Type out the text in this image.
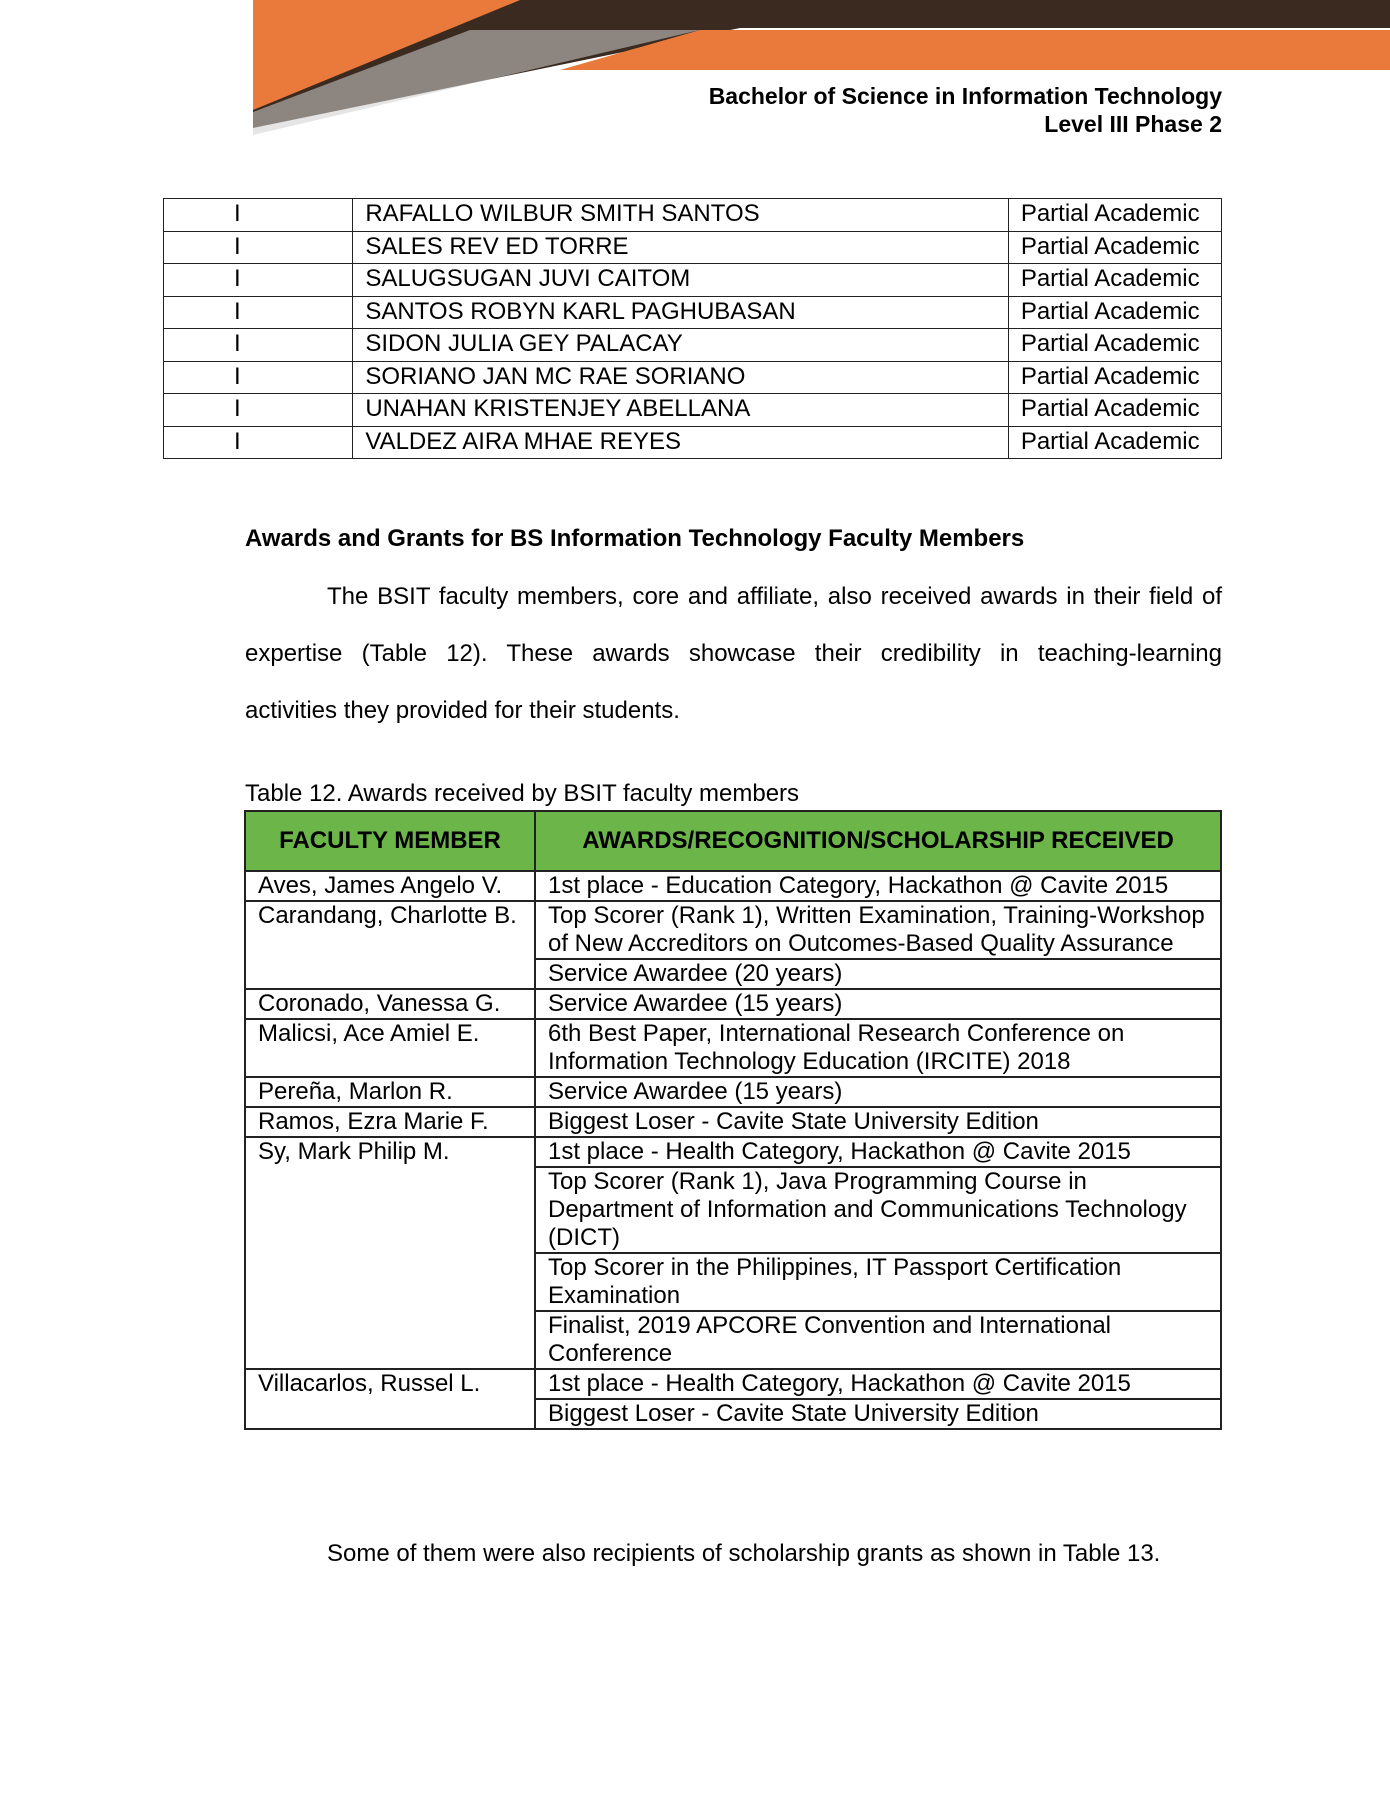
Bachelor of Science in Information Technology
Level III Phase 2
I	RAFALLO WILBUR SMITH SANTOS	Partial Academic
I	SALES REV ED TORRE	Partial Academic
I	SALUGSUGAN JUVI CAITOM	Partial Academic
I	SANTOS ROBYN KARL PAGHUBASAN	Partial Academic
I	SIDON JULIA GEY PALACAY	Partial Academic
I	SORIANO JAN MC RAE SORIANO	Partial Academic
I	UNAHAN KRISTENJEY ABELLANA	Partial Academic
I	VALDEZ AIRA MHAE REYES	Partial Academic
Awards and Grants for BS Information Technology Faculty Members
The BSIT faculty members, core and affiliate, also received awards in their field of
expertise (Table 12). These awards showcase their credibility in teaching-learning
activities they provided for their students.
Table 12. Awards received by BSIT faculty members
FACULTY MEMBER	AWARDS/RECOGNITION/SCHOLARSHIP RECEIVED
Aves, James Angelo V.	1st place - Education Category, Hackathon @ Cavite 2015
Carandang, Charlotte B.	Top Scorer (Rank 1), Written Examination, Training-Workshop of New Accreditors on Outcomes-Based Quality Assurance
	Service Awardee (20 years)
Coronado, Vanessa G.	Service Awardee (15 years)
Malicsi, Ace Amiel E.	6th Best Paper, International Research Conference on Information Technology Education (IRCITE) 2018
Pereña, Marlon R.	Service Awardee (15 years)
Ramos, Ezra Marie F.	Biggest Loser - Cavite State University Edition
Sy, Mark Philip M.	1st place - Health Category, Hackathon @ Cavite 2015
	Top Scorer (Rank 1), Java Programming Course in Department of Information and Communications Technology (DICT)
	Top Scorer in the Philippines, IT Passport Certification Examination
	Finalist, 2019 APCORE Convention and International Conference
Villacarlos, Russel L.	1st place - Health Category, Hackathon @ Cavite 2015
	Biggest Loser - Cavite State University Edition
Some of them were also recipients of scholarship grants as shown in Table 13.
